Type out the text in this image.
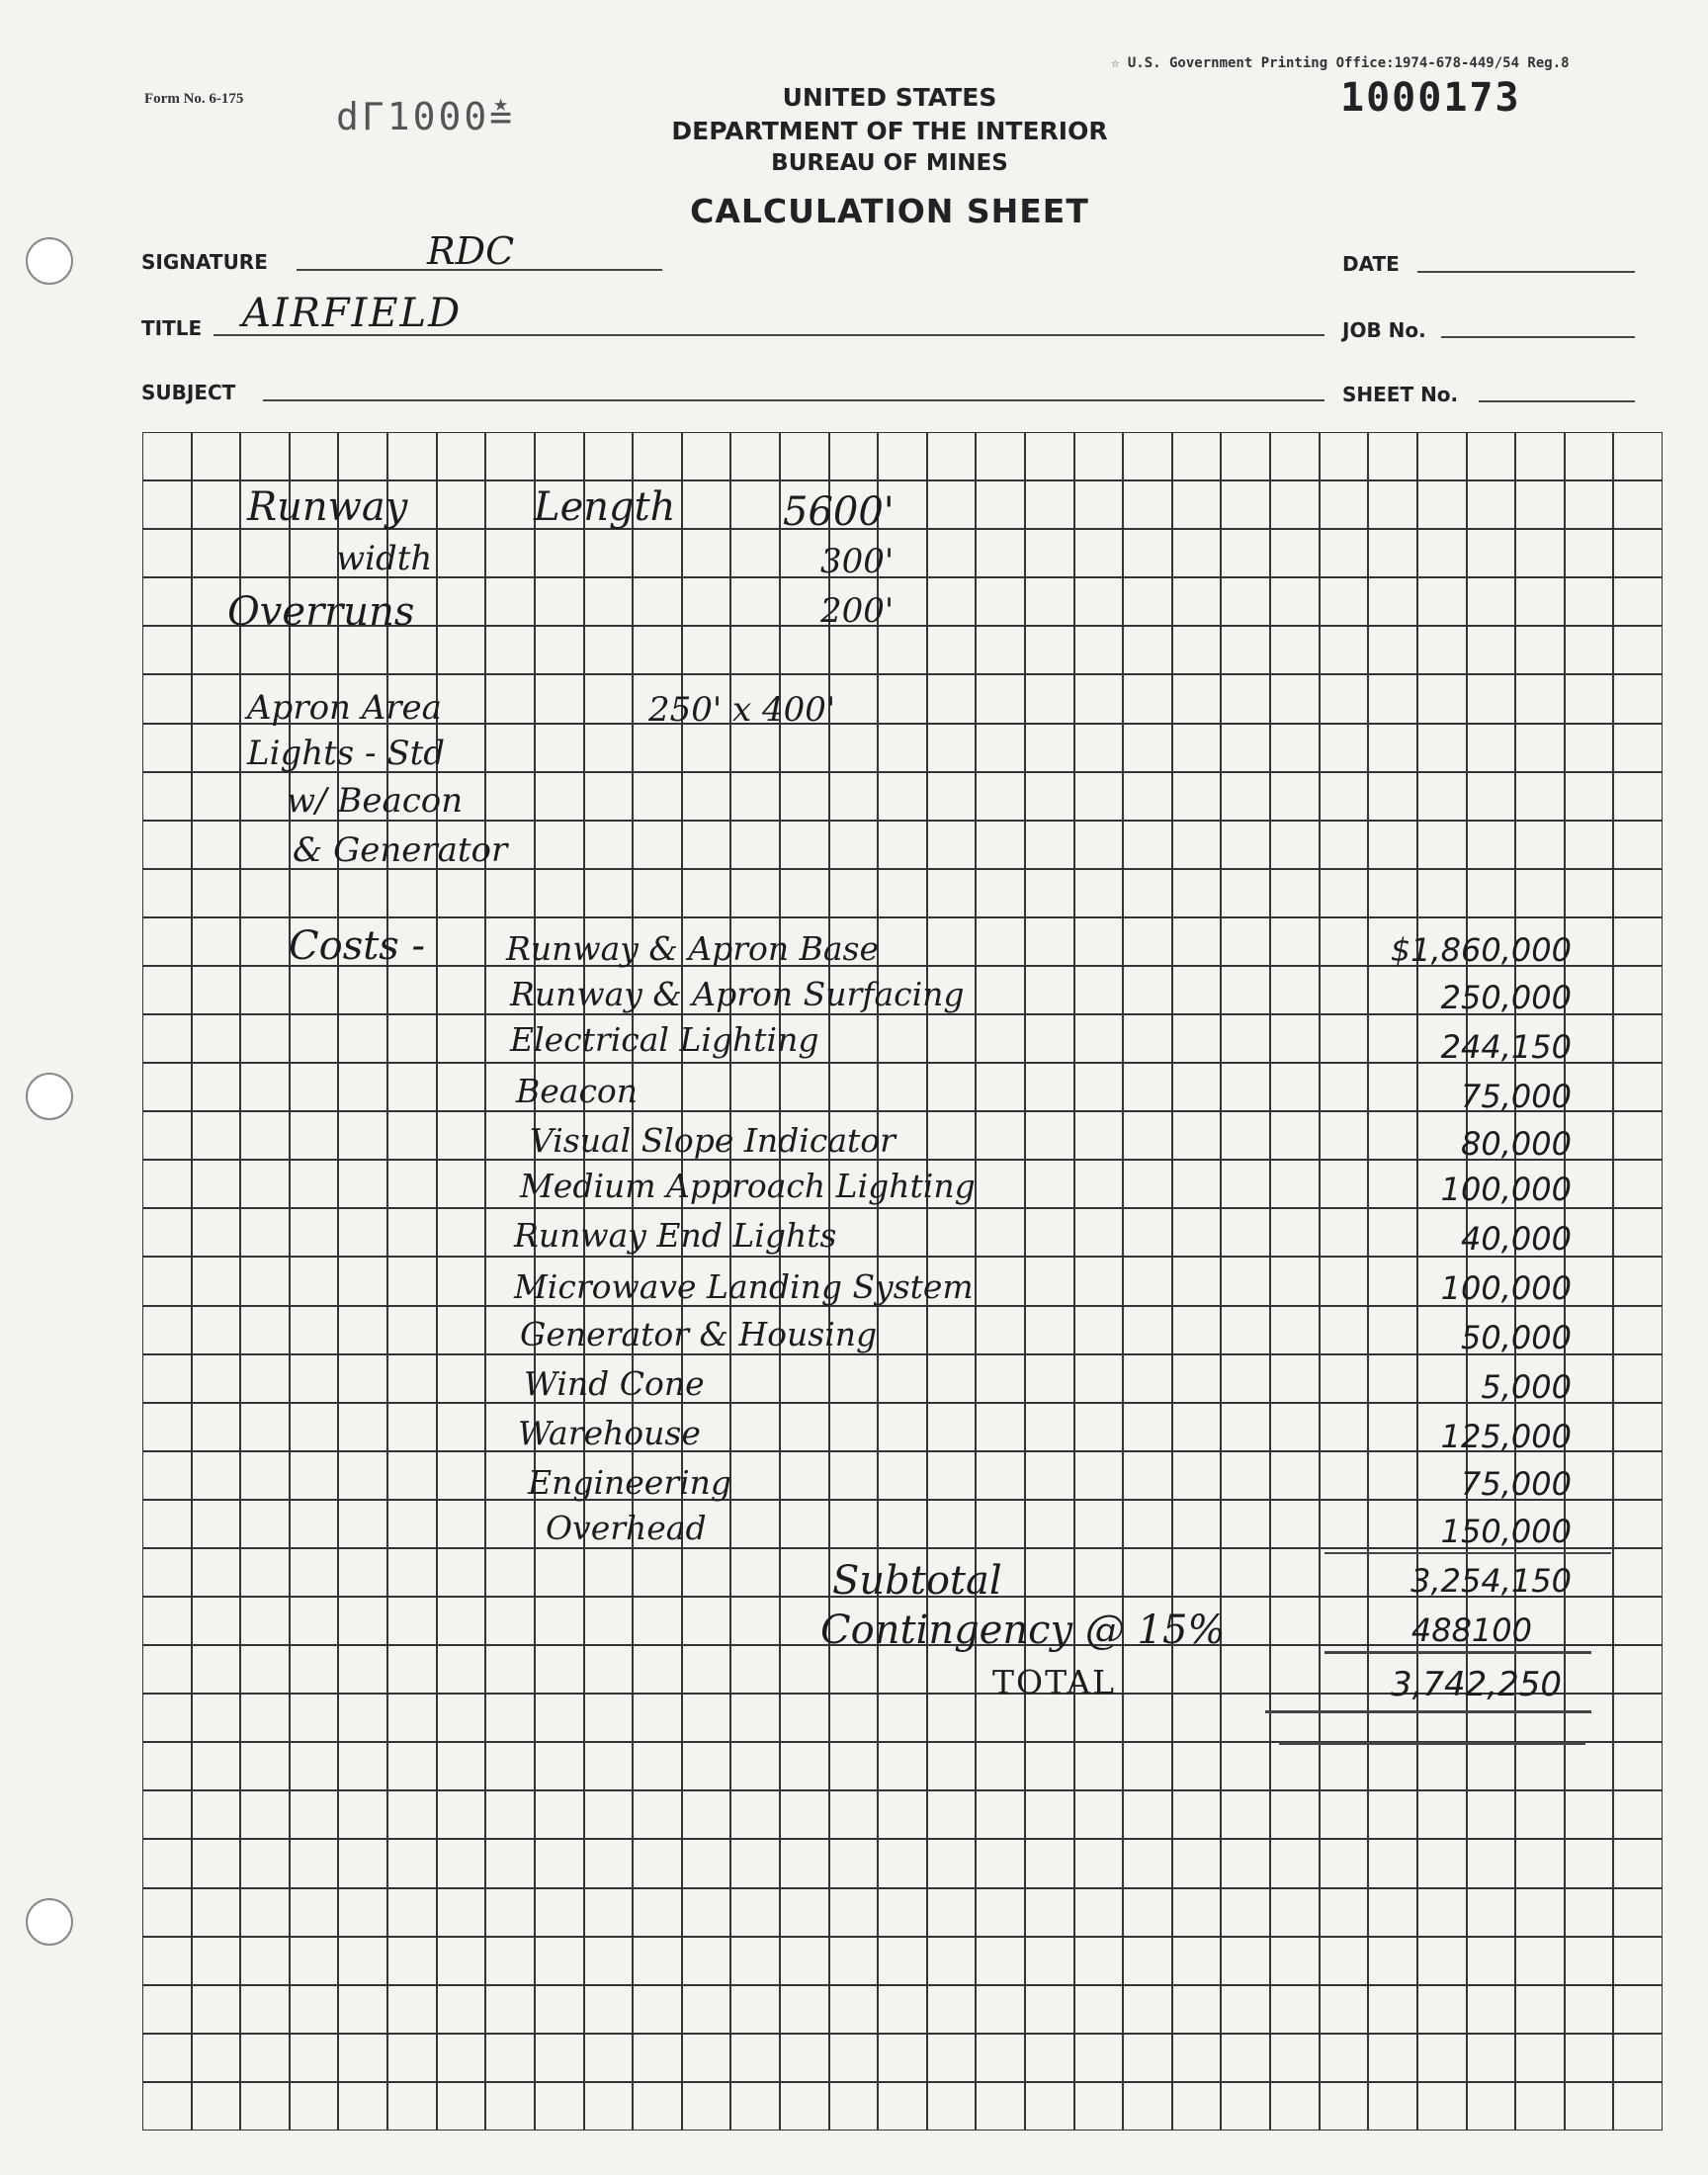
Form No. 6-175 dΓ1000≛
☆ U.S. Government Printing Office:1974-678-449/54 Reg.8
1000173
UNITED STATES
DEPARTMENT OF THE INTERIOR
BUREAU OF MINES
CALCULATION SHEET
SIGNATURE	RDC	DATE
TITLE AIRFIELD	JOB No.
SUBJECT	SHEET No.
Runway	Length	5600'
width	300'
Overruns	200'
Apron Area	250' x 400'
Lights - Std
w/ Beacon
& Generator
Costs - Runway & Apron Base	$1,860,000
Runway & Apron Surfacing	250,000
Electrical Lighting	244,150
Beacon	75,000
Visual Slope Indicator	80,000
Medium Approach Lighting	100,000
Runway End Lights	40,000
Microwave Landing System	100,000
Generator & Housing	50,000
Wind Cone	5,000
Warehouse	125,000
Engineering	75,000
Overhead	150,000
Subtotal	3,254,150
Contingency @ 15%	488100
TOTAL	3,742,250
